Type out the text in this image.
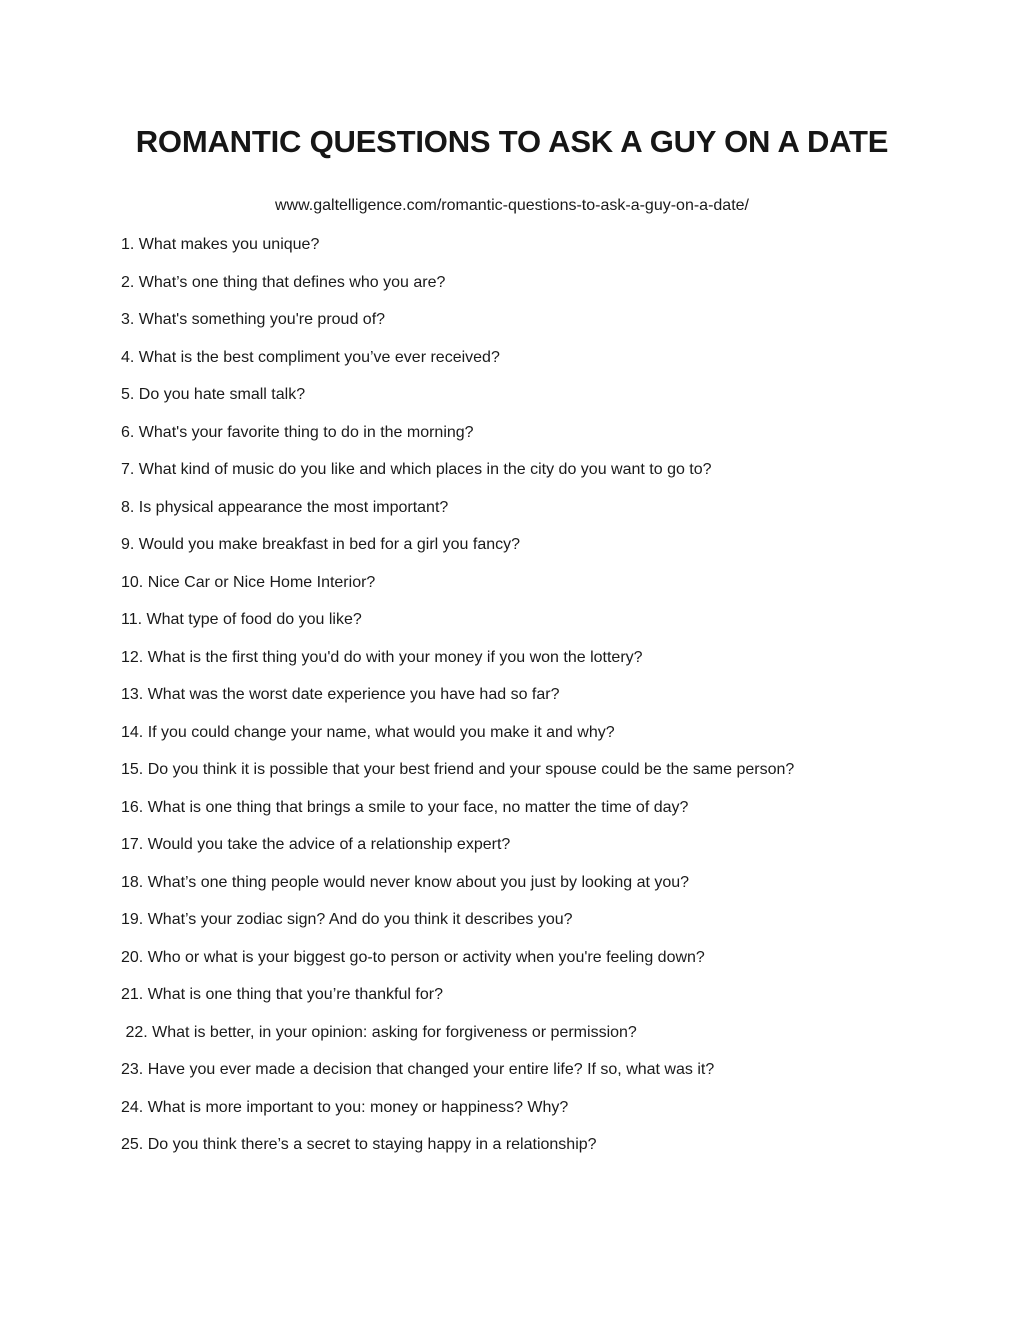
ROMANTIC QUESTIONS TO ASK A GUY ON A DATE
www.galtelligence.com/romantic-questions-to-ask-a-guy-on-a-date/
1. What makes you unique?
2. What’s one thing that defines who you are?
3. What's something you're proud of?
4. What is the best compliment you’ve ever received?
5. Do you hate small talk?
6. What's your favorite thing to do in the morning?
7. What kind of music do you like and which places in the city do you want to go to?
8. Is physical appearance the most important?
9. Would you make breakfast in bed for a girl you fancy?
10. Nice Car or Nice Home Interior?
11. What type of food do you like?
12. What is the first thing you'd do with your money if you won the lottery?
13. What was the worst date experience you have had so far?
14. If you could change your name, what would you make it and why?
15. Do you think it is possible that your best friend and your spouse could be the same person?
16. What is one thing that brings a smile to your face, no matter the time of day?
17. Would you take the advice of a relationship expert?
18. What’s one thing people would never know about you just by looking at you?
19. What’s your zodiac sign? And do you think it describes you?
20. Who or what is your biggest go-to person or activity when you're feeling down?
21. What is one thing that you’re thankful for?
22. What is better, in your opinion: asking for forgiveness or permission?
23. Have you ever made a decision that changed your entire life? If so, what was it?
24. What is more important to you: money or happiness? Why?
25. Do you think there’s a secret to staying happy in a relationship?
